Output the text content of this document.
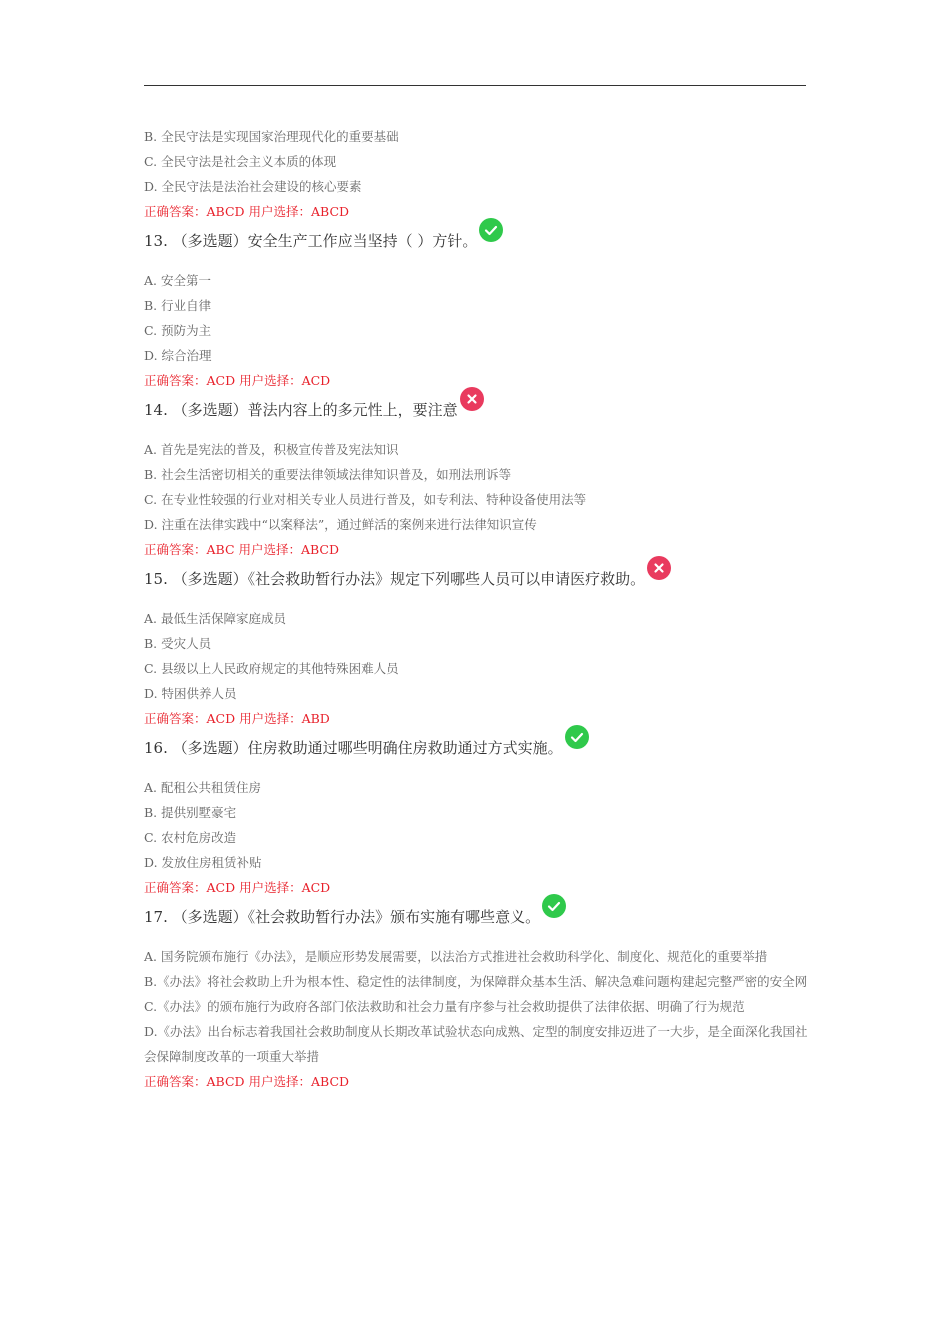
B. 全民守法是实现国家治理现代化的重要基础
C. 全民守法是社会主义本质的体现
D. 全民守法是法治社会建设的核心要素
正确答案：ABCD 用户选择：ABCD
13. （多选题）安全生产工作应当坚持（ ）方针。
A. 安全第一
B. 行业自律
C. 预防为主
D. 综合治理
正确答案：ACD 用户选择：ACD
14. （多选题）普法内容上的多元性上，要注意
A. 首先是宪法的普及，积极宣传普及宪法知识
B. 社会生活密切相关的重要法律领域法律知识普及，如刑法刑诉等
C. 在专业性较强的行业对相关专业人员进行普及，如专利法、特种设备使用法等
D. 注重在法律实践中“以案释法”，通过鲜活的案例来进行法律知识宣传
正确答案：ABC 用户选择：ABCD
15. （多选题）《社会救助暂行办法》规定下列哪些人员可以申请医疗救助。
A. 最低生活保障家庭成员
B. 受灾人员
C. 县级以上人民政府规定的其他特殊困难人员
D. 特困供养人员
正确答案：ACD 用户选择：ABD
16. （多选题）住房救助通过哪些明确住房救助通过方式实施。
A. 配租公共租赁住房
B. 提供别墅豪宅
C. 农村危房改造
D. 发放住房租赁补贴
正确答案：ACD 用户选择：ACD
17. （多选题）《社会救助暂行办法》颁布实施有哪些意义。
A. 国务院颁布施行《办法》，是顺应形势发展需要，以法治方式推进社会救助科学化、制度化、规范化的重要举措
B.《办法》将社会救助上升为根本性、稳定性的法律制度，为保障群众基本生活、解决急难问题构建起完整严密的安全网
C.《办法》的颁布施行为政府各部门依法救助和社会力量有序参与社会救助提供了法律依据、明确了行为规范
D.《办法》出台标志着我国社会救助制度从长期改革试验状态向成熟、定型的制度安排迈进了一大步，是全面深化我国社会保障制度改革的一项重大举措
正确答案：ABCD 用户选择：ABCD
